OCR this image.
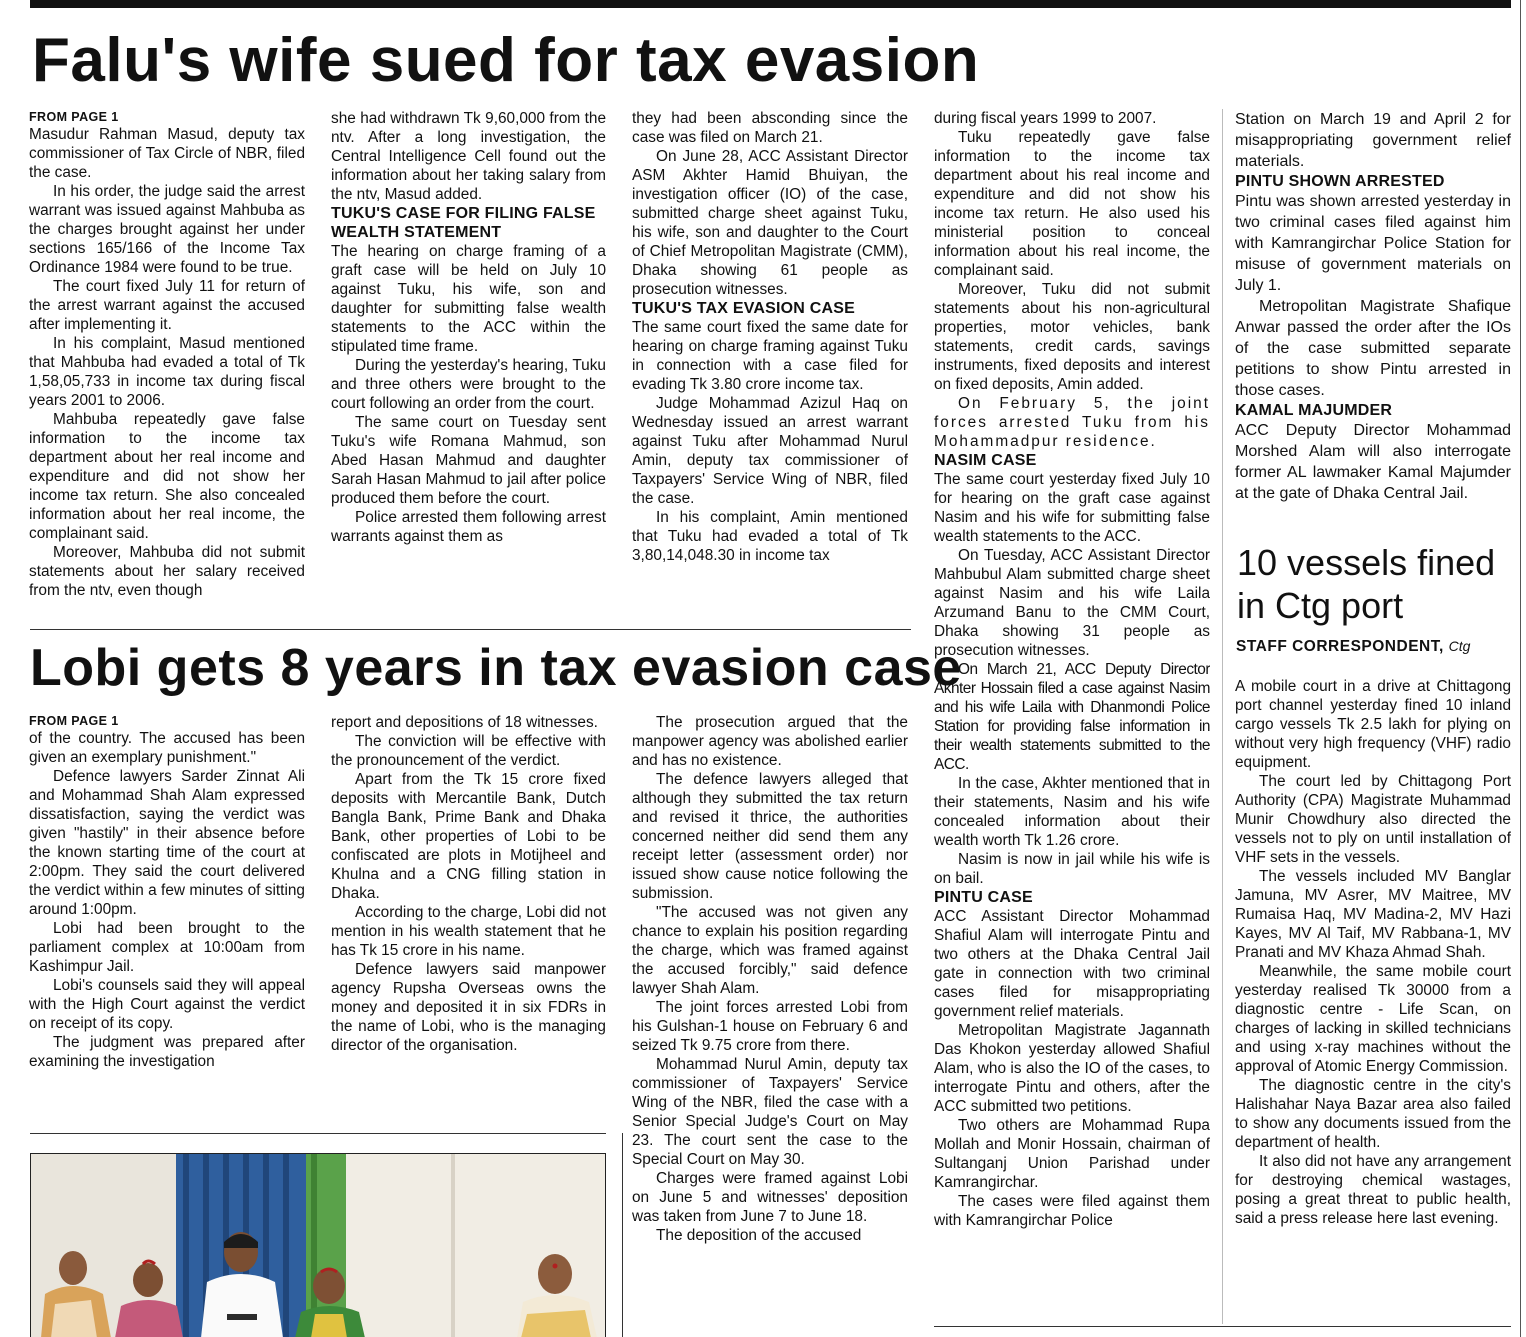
Falu's wife sued for tax evasion
FROM PAGE 1

Masudur Rahman Masud, deputy tax commissioner of Tax Circle of NBR, filed the case.

In his order, the judge said the arrest warrant was issued against Mahbuba as the charges brought against her under sections 165/166 of the Income Tax Ordinance 1984 were found to be true.

The court fixed July 11 for return of the arrest warrant against the accused after implementing it.

In his complaint, Masud mentioned that Mahbuba had evaded a total of Tk 1,58,05,733 in income tax during fiscal years 2001 to 2006.

Mahbuba repeatedly gave false information to the income tax department about her real income and expenditure and did not show her income tax return. She also concealed information about her real income, the complainant said.

Moreover, Mahbuba did not submit statements about her salary received from the ntv, even though

she had withdrawn Tk 9,60,000 from the ntv. After a long investigation, the Central Intelligence Cell found out the information about her taking salary from the ntv, Masud added.

TUKU'S CASE FOR FILING FALSE WEALTH STATEMENT

The hearing on charge framing of a graft case will be held on July 10 against Tuku, his wife, son and daughter for submitting false wealth statements to the ACC within the stipulated time frame.

During the yesterday's hearing, Tuku and three others were brought to the court following an order from the court.

The same court on Tuesday sent Tuku's wife Romana Mahmud, son Abed Hasan Mahmud and daughter Sarah Hasan Mahmud to jail after police produced them before the court.

Police arrested them following arrest warrants against them as

they had been absconding since the case was filed on March 21.

On June 28, ACC Assistant Director ASM Akhter Hamid Bhuiyan, the investigation officer (IO) of the case, submitted charge sheet against Tuku, his wife, son and daughter to the Court of Chief Metropolitan Magistrate (CMM), Dhaka showing 61 people as prosecution witnesses.

TUKU'S TAX EVASION CASE

The same court fixed the same date for hearing on charge framing against Tuku in connection with a case filed for evading Tk 3.80 crore income tax.

Judge Mohammad Azizul Haq on Wednesday issued an arrest warrant against Tuku after Mohammad Nurul Amin, deputy tax commissioner of Taxpayers' Service Wing of NBR, filed the case.

In his complaint, Amin mentioned that Tuku had evaded a total of Tk 3,80,14,048.30 in income tax

during fiscal years 1999 to 2007.

Tuku repeatedly gave false information to the income tax department about his real income and expenditure and did not show his income tax return. He also used his ministerial position to conceal information about his real income, the complainant said.

Moreover, Tuku did not submit statements about his non-agricultural properties, motor vehicles, bank statements, credit cards, savings instruments, fixed deposits and interest on fixed deposits, Amin added.

On February 5, the joint forces arrested Tuku from his Mohammadpur residence.

NASIM CASE

The same court yesterday fixed July 10 for hearing on the graft case against Nasim and his wife for submitting false wealth statements to the ACC.

On Tuesday, ACC Assistant Director Mahbubul Alam submitted charge sheet against Nasim and his wife Laila Arzumand Banu to the CMM Court, Dhaka showing 31 people as prosecution witnesses.

On March 21, ACC Deputy Director Akhter Hossain filed a case against Nasim and his wife Laila with Dhanmondi Police Station for providing false information in their wealth statements submitted to the ACC.

In the case, Akhter mentioned that in their statements, Nasim and his wife concealed information about their wealth worth Tk 1.26 crore.

Nasim is now in jail while his wife is on bail.

PINTU CASE

ACC Assistant Director Mohammad Shafiul Alam will interrogate Pintu and two others at the Dhaka Central Jail gate in connection with two criminal cases filed for misappropriating government relief materials.

Metropolitan Magistrate Jagannath Das Khokon yesterday allowed Shafiul Alam, who is also the IO of the cases, to interrogate Pintu and others, after the ACC submitted two petitions.

Two others are Mohammad Rupa Mollah and Monir Hossain, chairman of Sultanganj Union Parishad under Kamrangirchar.

The cases were filed against them with Kamrangirchar Police

Station on March 19 and April 2 for misappropriating government relief materials.

PINTU SHOWN ARRESTED

Pintu was shown arrested yesterday in two criminal cases filed against him with Kamrangirchar Police Station for misuse of government materials on July 1.

Metropolitan Magistrate Shafique Anwar passed the order after the IOs of the case submitted separate petitions to show Pintu arrested in those cases.

KAMAL MAJUMDER

ACC Deputy Director Mohammad Morshed Alam will also interrogate former AL lawmaker Kamal Majumder at the gate of Dhaka Central Jail.

10 vessels fined in Ctg port
STAFF CORRESPONDENT, Ctg

A mobile court in a drive at Chittagong port channel yesterday fined 10 inland cargo vessels Tk 2.5 lakh for plying on without very high frequency (VHF) radio equipment.

The court led by Chittagong Port Authority (CPA) Magistrate Muhammad Munir Chowdhury also directed the vessels not to ply on until installation of VHF sets in the vessels.

The vessels included MV Banglar Jamuna, MV Asrer, MV Maitree, MV Rumaisa Haq, MV Madina-2, MV Hazi Kayes, MV Al Taif, MV Rabbana-1, MV Pranati and MV Khaza Ahmad Shah.

Meanwhile, the same mobile court yesterday realised Tk 30000 from a diagnostic centre - Life Scan, on charges of lacking in skilled technicians and using x-ray machines without the approval of Atomic Energy Commission.

The diagnostic centre in the city's Halishahar Naya Bazar area also failed to show any documents issued from the department of health.

It also did not have any arrangement for destroying chemical wastages, posing a great threat to public health, said a press release here last evening.

Lobi gets 8 years in tax evasion case
FROM PAGE 1

of the country. The accused has been given an exemplary punishment."

Defence lawyers Sarder Zinnat Ali and Mohammad Shah Alam expressed dissatisfaction, saying the verdict was given "hastily" in their absence before the known starting time of the court at 2:00pm. They said the court delivered the verdict within a few minutes of sitting around 1:00pm.

Lobi had been brought to the parliament complex at 10:00am from Kashimpur Jail.

Lobi's counsels said they will appeal with the High Court against the verdict on receipt of its copy.

The judgment was prepared after examining the investigation

report and depositions of 18 witnesses.

The conviction will be effective with the pronouncement of the verdict.

Apart from the Tk 15 crore fixed deposits with Mercantile Bank, Dutch Bangla Bank, Prime Bank and Dhaka Bank, other properties of Lobi to be confiscated are plots in Motijheel and Khulna and a CNG filling station in Dhaka.

According to the charge, Lobi did not mention in his wealth statement that he has Tk 15 crore in his name.

Defence lawyers said manpower agency Rupsha Overseas owns the money and deposited it in six FDRs in the name of Lobi, who is the managing director of the organisation.

The prosecution argued that the manpower agency was abolished earlier and has no existence.

The defence lawyers alleged that although they submitted the tax return and revised it thrice, the authorities concerned neither did send them any receipt letter (assessment order) nor issued show cause notice following the submission.

"The accused was not given any chance to explain his position regarding the charge, which was framed against the accused forcibly," said defence lawyer Shah Alam.

The joint forces arrested Lobi from his Gulshan-1 house on February 6 and seized Tk 9.75 crore from there.

Mohammad Nurul Amin, deputy tax commissioner of Taxpayers' Service Wing of the NBR, filed the case with a Senior Special Judge's Court on May 23. The court sent the case to the Special Court on May 30.

Charges were framed against Lobi on June 5 and witnesses' deposition was taken from June 7 to June 18.

The deposition of the accused
